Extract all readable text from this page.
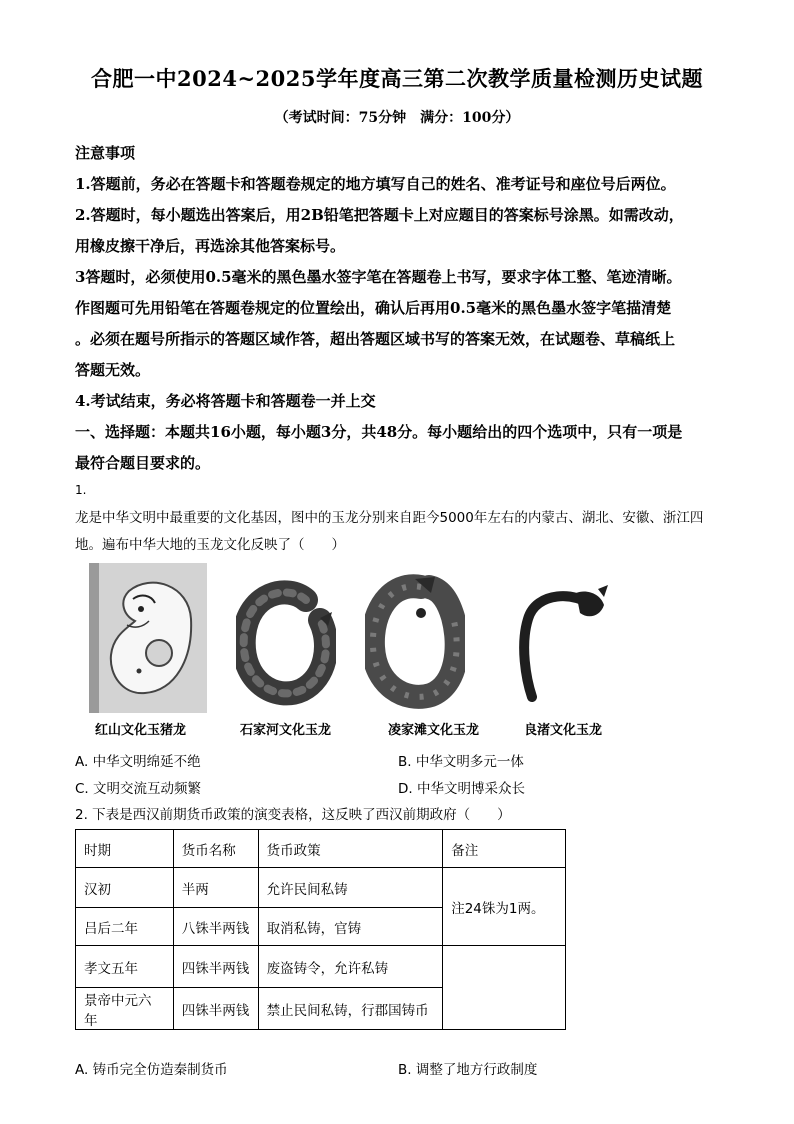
合肥一中2024~2025学年度高三第二次教学质量检测历史试题
（考试时间：75分钟　满分：100分）
注意事项
1.答题前，务必在答题卡和答题卷规定的地方填写自己的姓名、准考证号和座位号后两位。
2.答题时，每小题选出答案后，用2B铅笔把答题卡上对应题目的答案标号涂黑。如需改动，
用橡皮擦干净后，再选涂其他答案标号。
3答题时，必须使用0.5毫米的黑色墨水签字笔在答题卷上书写，要求字体工整、笔迹清晰。
作图题可先用铅笔在答题卷规定的位置绘出，确认后再用0.5毫米的黑色墨水签字笔描清楚
。必须在题号所指示的答题区域作答，超出答题区域书写的答案无效，在试题卷、草稿纸上
答题无效。
4.考试结束，务必将答题卡和答题卷一并上交
一、选择题：本题共16小题，每小题3分，共48分。每小题给出的四个选项中，只有一项是
最符合题目要求的。
1.
龙是中华文明中最重要的文化基因，图中的玉龙分别来自距今5000年左右的内蒙古、湖北、安徽、浙江四
地。遍布中华大地的玉龙文化反映了（　　）
红山文化玉猪龙	石家河文化玉龙	凌家滩文化玉龙	良渚文化玉龙
A. 中华文明绵延不绝	B. 中华文明多元一体
C. 文明交流互动频繁	D. 中华文明博采众长
2. 下表是西汉前期货币政策的演变表格，这反映了西汉前期政府（　　）
时期	货币名称	货币政策	备注
汉初	半两	允许民间私铸	注24铢为1两。
吕后二年	八铢半两钱	取消私铸，官铸	
孝文五年	四铢半两钱	废盗铸令，允许私铸	
景帝中元六年	四铢半两钱	禁止民间私铸，行郡国铸币	
A. 铸币完全仿造秦制货币	B. 调整了地方行政制度
